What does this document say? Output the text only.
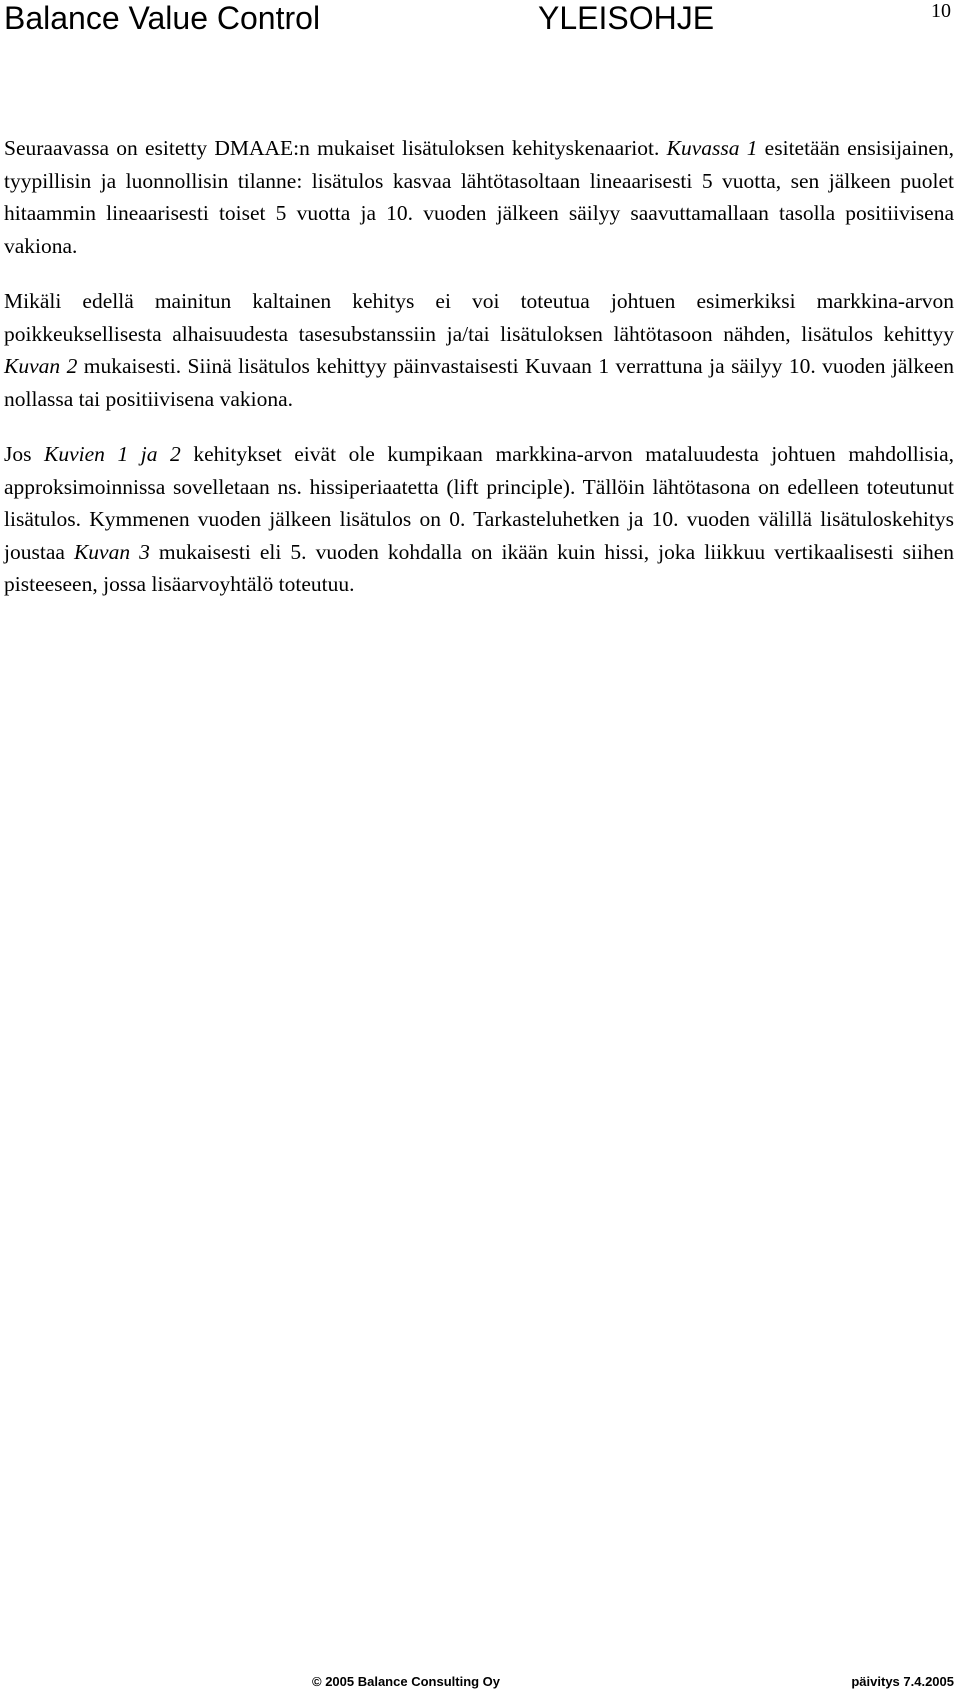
Balance Value Control	YLEISOHJE	10

Seuraavassa on esitetty DMAAE:n mukaiset lisätuloksen kehityskenaariot. Kuvassa 1 esitetään ensisijainen, tyypillisin ja luonnollisin tilanne: lisätulos kasvaa lähtötasoltaan lineaarisesti 5 vuotta, sen jälkeen puolet hitaammin lineaarisesti toiset 5 vuotta ja 10. vuoden jälkeen säilyy saavuttamallaan tasolla positiivisena vakiona.

Mikäli edellä mainitun kaltainen kehitys ei voi toteutua johtuen esimerkiksi markkina-arvon poikkeuksellisesta alhaisuudesta tasesubstanssiin ja/tai lisätuloksen lähtötasoon nähden, lisätulos kehittyy Kuvan 2 mukaisesti. Siinä lisätulos kehittyy päinvastaisesti Kuvaan 1 verrattuna ja säilyy 10. vuoden jälkeen nollassa tai positiivisena vakiona.

Jos Kuvien 1 ja 2 kehitykset eivät ole kumpikaan markkina-arvon mataluudesta johtuen mahdollisia, approksimoinnissa sovelletaan ns. hissiperiaatetta (lift principle). Tällöin lähtötasona on edelleen toteutunut lisätulos. Kymmenen vuoden jälkeen lisätulos on 0. Tarkasteluhetken ja 10. vuoden välillä lisätuloskehitys joustaa Kuvan 3 mukaisesti eli 5. vuoden kohdalla on ikään kuin hissi, joka liikkuu vertikaalisesti siihen pisteeseen, jossa lisäarvoyhtälö toteutuu.

© 2005 Balance Consulting Oy	päivitys 7.4.2005
